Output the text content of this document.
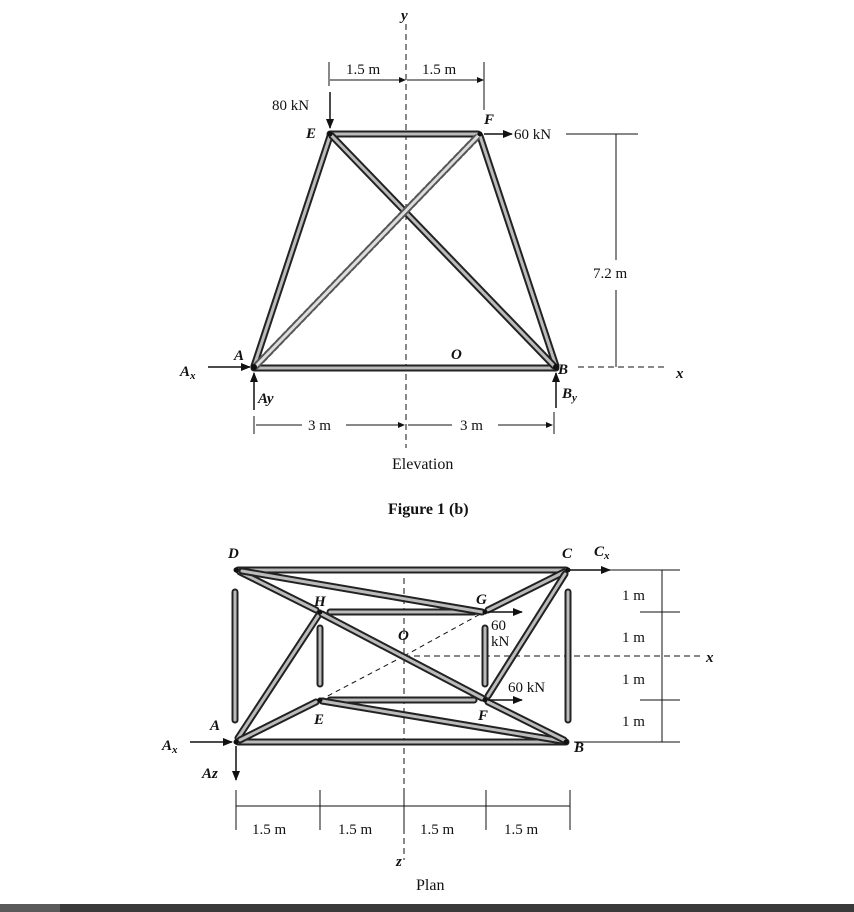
y
1.5 m	1.5 m
E
F
A
B
O
80 kN
60 kN
7.2 m
x
$A_x$
Ay	$B_y$
3 m	3 m
Elevation
Figure 1 (b)
z
x
D	C
H	G
O
E	F
A
B
$C_x$
60
kN
60 kN
$A_x$
Az
1 m
1 m
1 m
1 m
1.5 m	1.5 m	1.5 m	1.5 m
Plan
